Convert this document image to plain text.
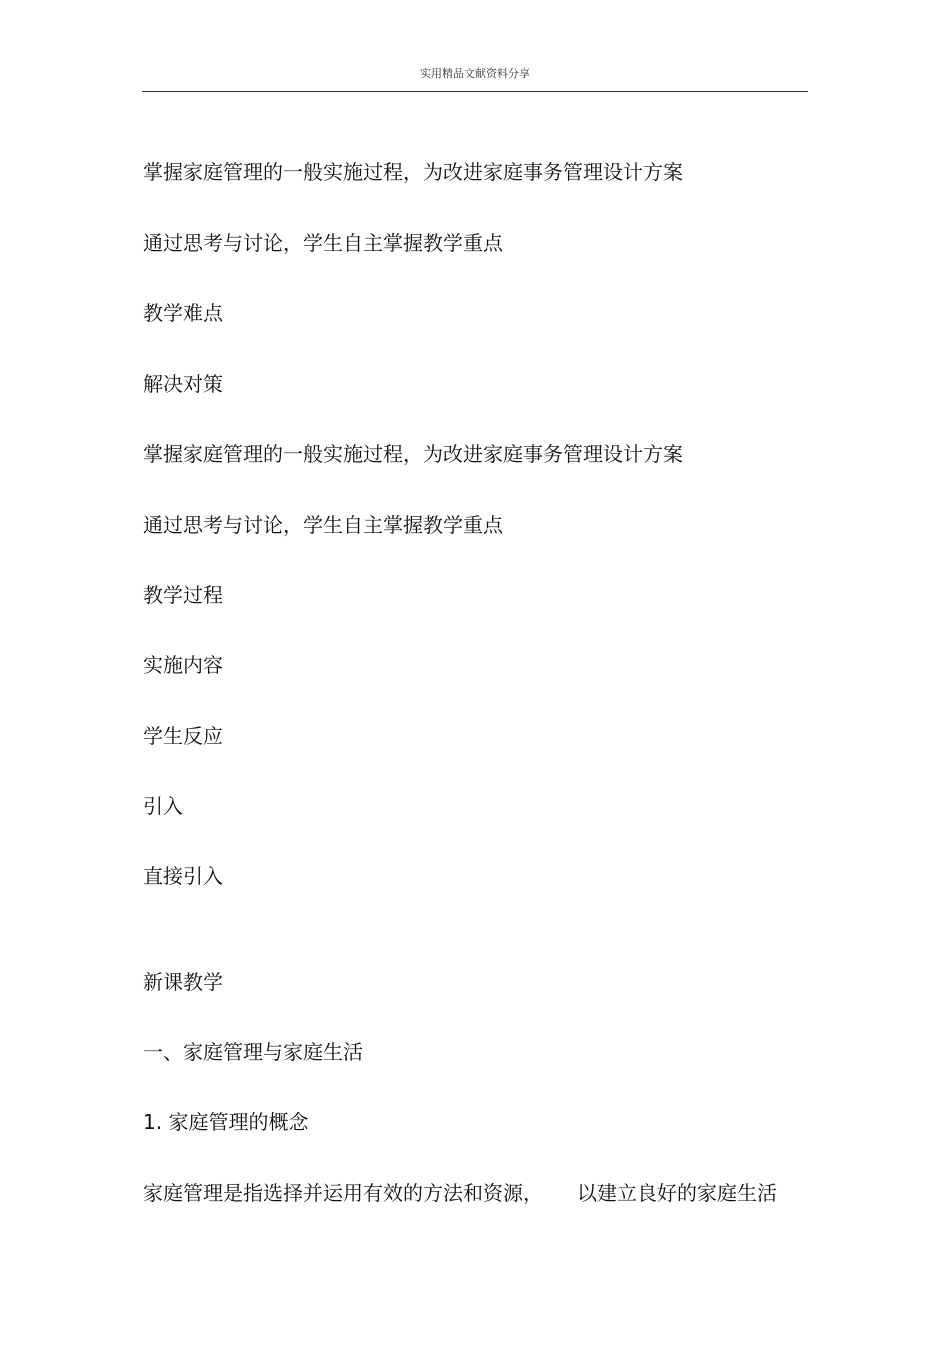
实用精品文献资料分享
掌握家庭管理的一般实施过程，为改进家庭事务管理设计方案
通过思考与讨论，学生自主掌握教学重点
教学难点
解决对策
掌握家庭管理的一般实施过程，为改进家庭事务管理设计方案
通过思考与讨论，学生自主掌握教学重点
教学过程
实施内容
学生反应
引入
直接引入
新课教学
一、家庭管理与家庭生活
1. 家庭管理的概念
家庭管理是指选择并运用有效的方法和资源， 以建立良好的家庭生活
